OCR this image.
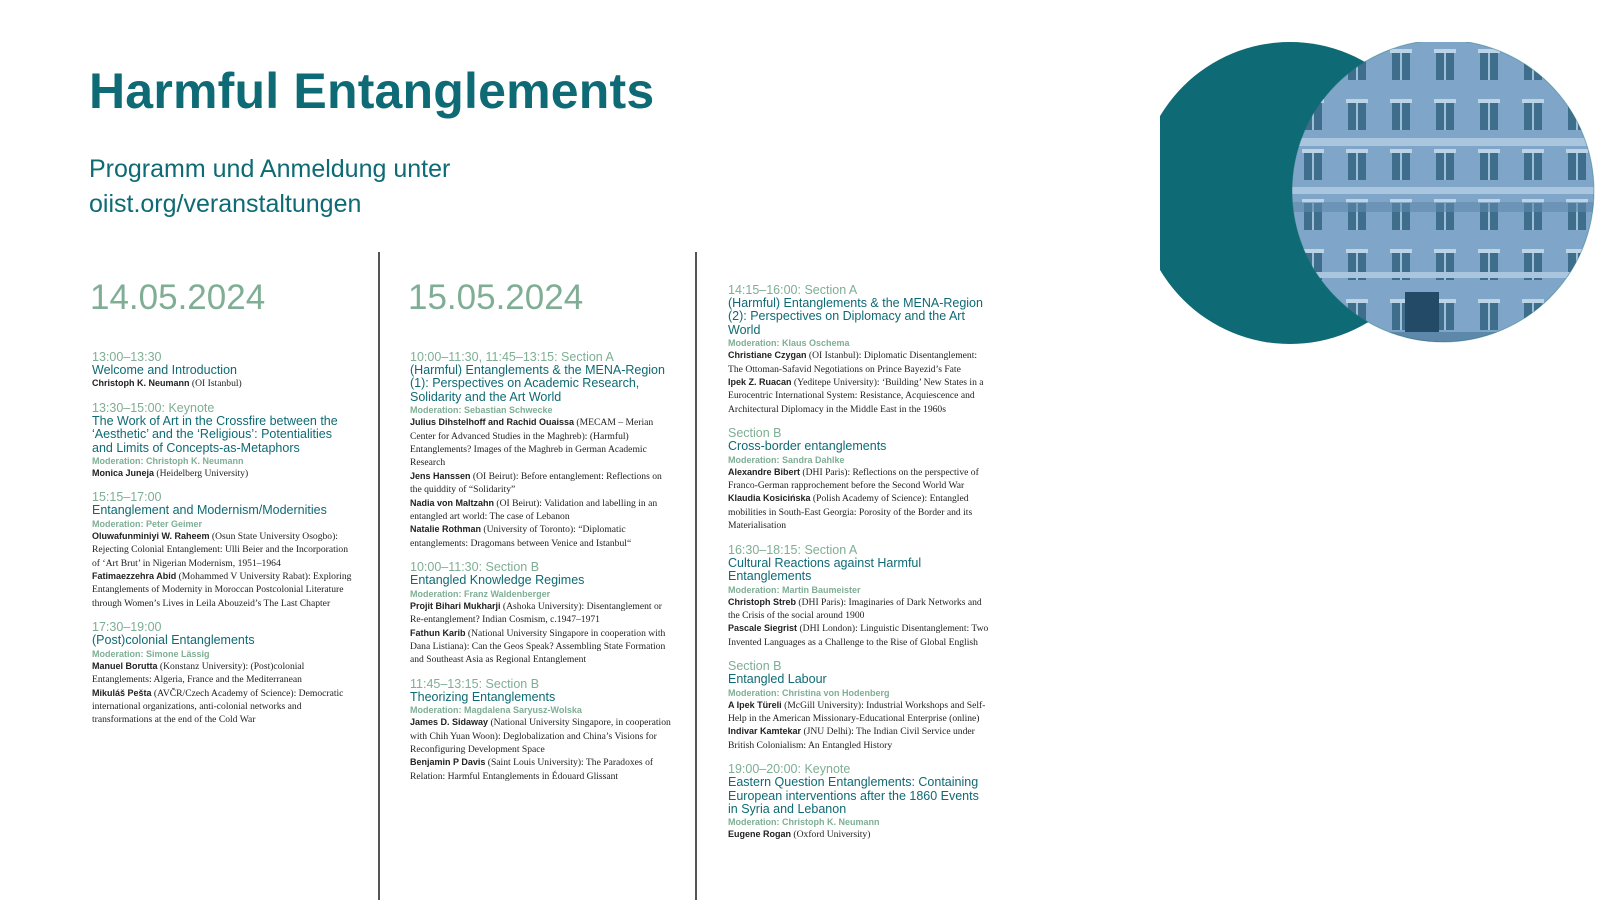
Harmful Entanglements

Programm und Anmeldung unter

oiist.org/veranstaltungen

14.05.2024
13:00–13:30
Welcome and Introduction
Christoph K. Neumann (OI Istanbul)
13:30–15:00: Keynote
The Work of Art in the Crossfire between the ‘Aesthetic’ and the ‘Religious’: Potentialities and Limits of Concepts-as-Metaphors
Moderation: Christoph K. Neumann
Monica Juneja (Heidelberg University)
15:15–17:00
Entanglement and Modernism/Modernities
Moderation: Peter Geimer
Oluwafunminiyi W. Raheem (Osun State University Osogbo): Rejecting Colonial Entanglement: Ulli Beier and the Incorporation of ‘Art Brut’ in Nigerian Modernism, 1951–1964
Fatimaezzehra Abid (Mohammed V University Rabat): Exploring Entanglements of Modernity in Moroccan Postcolonial Literature through Women’s Lives in Leila Abouzeid’s The Last Chapter
17:30–19:00
(Post)colonial Entanglements
Moderation: Simone Lässig
Manuel Borutta (Konstanz University): (Post)colonial Entanglements: Algeria, France and the Mediterranean
Mikuláš Pešta (AVČR/Czech Academy of Science): Democratic international organizations, anti-colonial networks and transformations at the end of the Cold War
15.05.2024
10:00–11:30, 11:45–13:15: Section A
(Harmful) Entanglements & the MENA-Region (1): Perspectives on Academic Research, Solidarity and the Art World
Moderation: Sebastian Schwecke
Julius Dihstelhoff and Rachid Ouaissa (MECAM – Merian Center for Advanced Studies in the Maghreb): (Harmful) Entanglements? Images of the Maghreb in German Academic Research
Jens Hanssen (OI Beirut): Before entanglement: Reflections on the quiddity of “Solidarity”
Nadia von Maltzahn (OI Beirut): Validation and labelling in an entangled art world: The case of Lebanon
Natalie Rothman (University of Toronto): “Diplomatic entanglements: Dragomans between Venice and Istanbul“
10:00–11:30: Section B
Entangled Knowledge Regimes
Moderation: Franz Waldenberger
Projit Bihari Mukharji (Ashoka University): Disentanglement or Re-entanglement? Indian Cosmism, c.1947–1971
Fathun Karib (National University Singapore in cooperation with Dana Listiana): Can the Geos Speak? Assembling State Formation and Southeast Asia as Regional Entanglement
11:45–13:15: Section B
Theorizing Entanglements
Moderation: Magdalena Saryusz-Wolska
James D. Sidaway (National University Singapore, in cooperation with Chih Yuan Woon): Deglobalization and China’s Visions for Reconfiguring Development Space
Benjamin P Davis (Saint Louis University): The Paradoxes of Relation: Harmful Entanglements in Édouard Glissant
14:15–16:00: Section A
(Harmful) Entanglements & the MENA-Region (2): Perspectives on Diplomacy and the Art World
Moderation: Klaus Oschema
Christiane Czygan (OI Istanbul): Diplomatic Disentanglement: The Ottoman-Safavid Negotiations on Prince Bayezid’s Fate
Ipek Z. Ruacan (Yeditepe University): ‘Building’ New States in a Eurocentric International System: Resistance, Acquiescence and Architectural Diplomacy in the Middle East in the 1960s
Section B
Cross-border entanglements
Moderation: Sandra Dahlke
Alexandre Bibert (DHI Paris): Reflections on the perspective of Franco-German rapprochement before the Second World War
Klaudia Kosicińska (Polish Academy of Science): Entangled mobilities in South-East Georgia: Porosity of the Border and its Materialisation
16:30–18:15: Section A
Cultural Reactions against Harmful Entanglements
Moderation: Martin Baumeister
Christoph Streb (DHI Paris): Imaginaries of Dark Networks and the Crisis of the social around 1900
Pascale Siegrist (DHI London): Linguistic Disentanglement: Two Invented Languages as a Challenge to the Rise of Global English
Section B
Entangled Labour
Moderation: Christina von Hodenberg
A Ipek Türeli (McGill University): Industrial Workshops and Self-Help in the American Missionary-Educational Enterprise (online)
Indivar Kamtekar (JNU Delhi): The Indian Civil Service under British Colonialism: An Entangled History
19:00–20:00: Keynote
Eastern Question Entanglements: Containing European interventions after the 1860 Events in Syria and Lebanon
Moderation: Christoph K. Neumann
Eugene Rogan (Oxford University)
